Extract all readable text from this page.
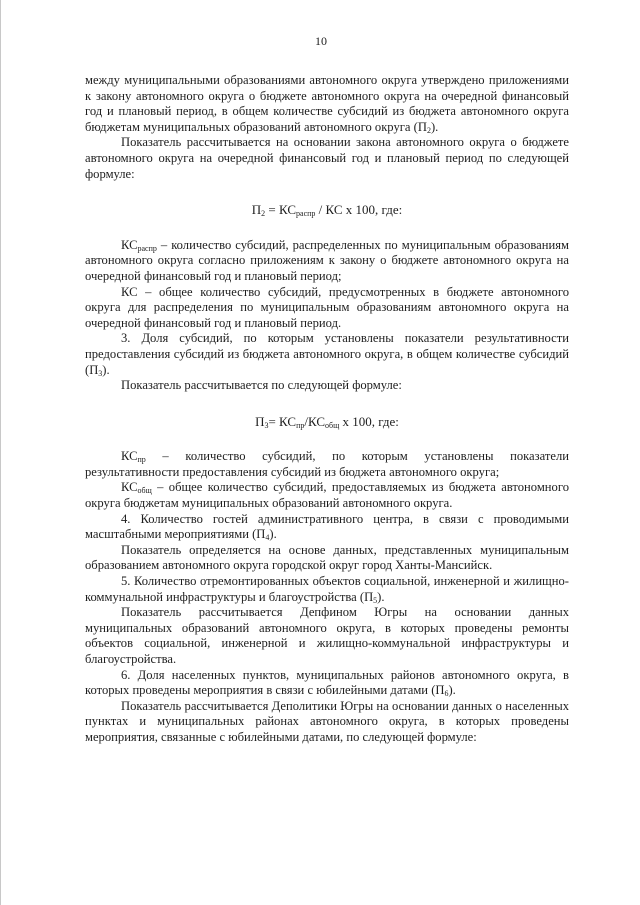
10

между муниципальными образованиями автономного округа утверждено приложениями к закону автономного округа о бюджете автономного округа на очередной финансовый год и плановый период, в общем количестве субсидий из бюджета автономного округа бюджетам муниципальных образований автономного округа $(П_2)$.

Показатель рассчитывается на основании закона автономного округа о бюджете автономного округа на очередной финансовый год и плановый период по следующей формуле:

$П_2 = КС_{распр}$ / КС х 100, где:

$КС_{распр}$ – количество субсидий, распределенных по муниципальным образованиям автономного округа согласно приложениям к закону о бюджете автономного округа на очередной финансовый год и плановый период;

КС – общее количество субсидий, предусмотренных в бюджете автономного округа для распределения по муниципальным образованиям автономного округа на очередной финансовый год и плановый период.

3. Доля субсидий, по которым установлены показатели результативности предоставления субсидий из бюджета автономного округа, в общем количестве субсидий $(П_3)$.

Показатель рассчитывается по следующей формуле:

$П_3= КС_{пр}/КС_{общ}$ х 100, где:

$КС_{пр}$ – количество субсидий, по которым установлены показатели результативности предоставления субсидий из бюджета автономного округа;

$КС_{общ}$ – общее количество субсидий, предоставляемых из бюджета автономного округа бюджетам муниципальных образований автономного округа.

4. Количество гостей административного центра, в связи с проводимыми масштабными мероприятиями $(П_4)$.

Показатель определяется на основе данных, представленных муниципальным образованием автономного округа городской округ город Ханты-Мансийск.

5. Количество отремонтированных объектов социальной, инженерной и жилищно-коммунальной инфраструктуры и благоустройства $(П_5)$.

Показатель рассчитывается Депфином Югры на основании данных муниципальных образований автономного округа, в которых проведены ремонты объектов социальной, инженерной и жилищно-коммунальной инфраструктуры и благоустройства.

6. Доля населенных пунктов, муниципальных районов автономного округа, в которых проведены мероприятия в связи с юбилейными датами $(П_6)$.

Показатель рассчитывается Деполитики Югры на основании данных о населенных пунктах и муниципальных районах автономного округа, в которых проведены мероприятия, связанные с юбилейными датами, по следующей формуле:
